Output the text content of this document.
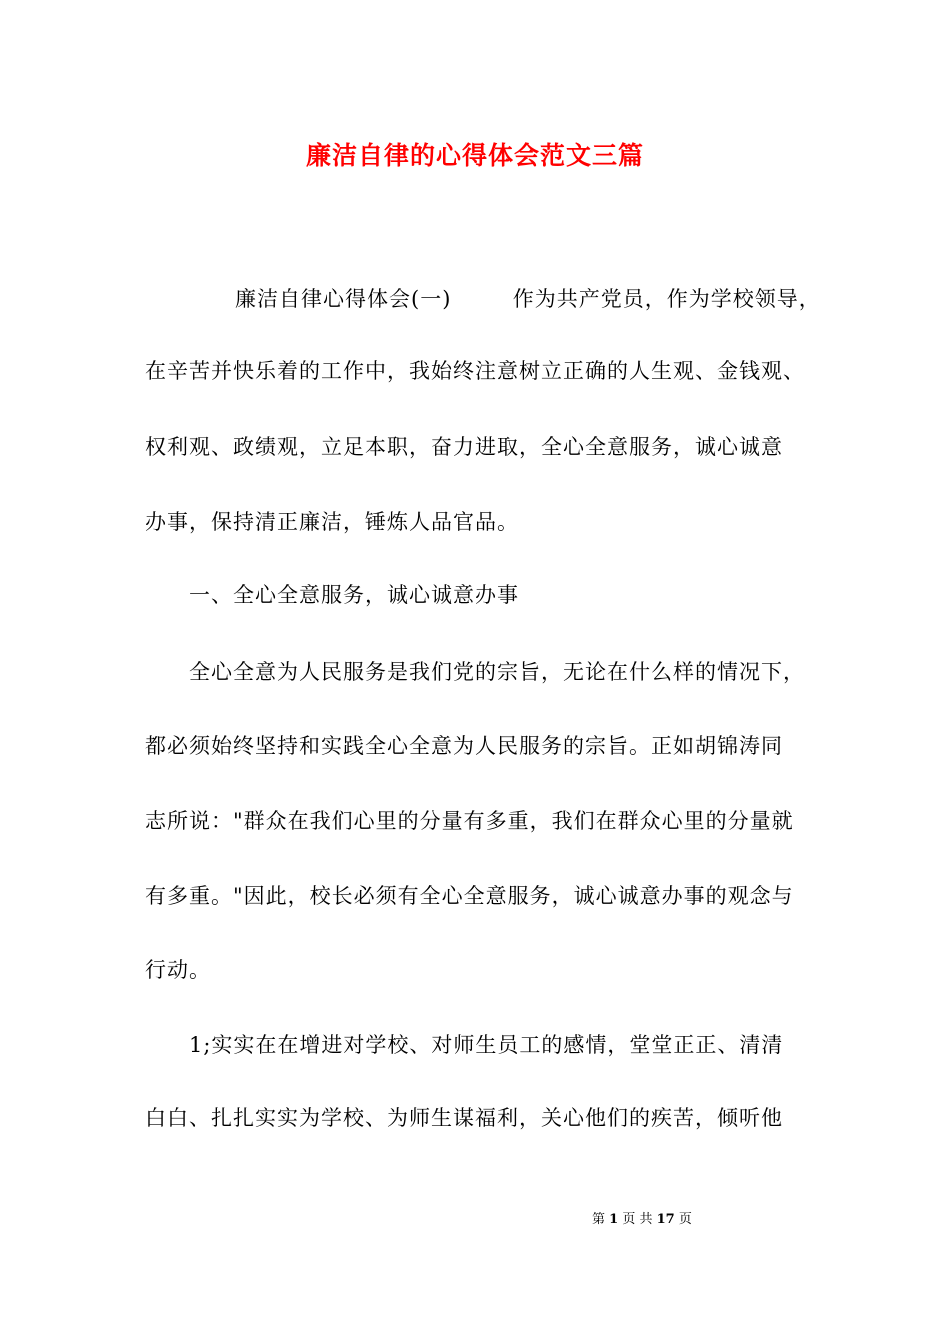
廉洁自律的心得体会范文三篇
廉洁自律心得体会(一)        作为共产党员，作为学校领导，
在辛苦并快乐着的工作中，我始终注意树立正确的人生观、金钱观、
权利观、政绩观，立足本职，奋力进取，全心全意服务，诚心诚意
办事，保持清正廉洁，锤炼人品官品。
一、全心全意服务，诚心诚意办事
全心全意为人民服务是我们党的宗旨，无论在什么样的情况下，
都必须始终坚持和实践全心全意为人民服务的宗旨。正如胡锦涛同
志所说："群众在我们心里的分量有多重，我们在群众心里的分量就
有多重。"因此，校长必须有全心全意服务，诚心诚意办事的观念与
行动。
1;实实在在增进对学校、对师生员工的感情，堂堂正正、清清
白白、扎扎实实为学校、为师生谋福利，关心他们的疾苦，倾听他
第 1 页 共 17 页
